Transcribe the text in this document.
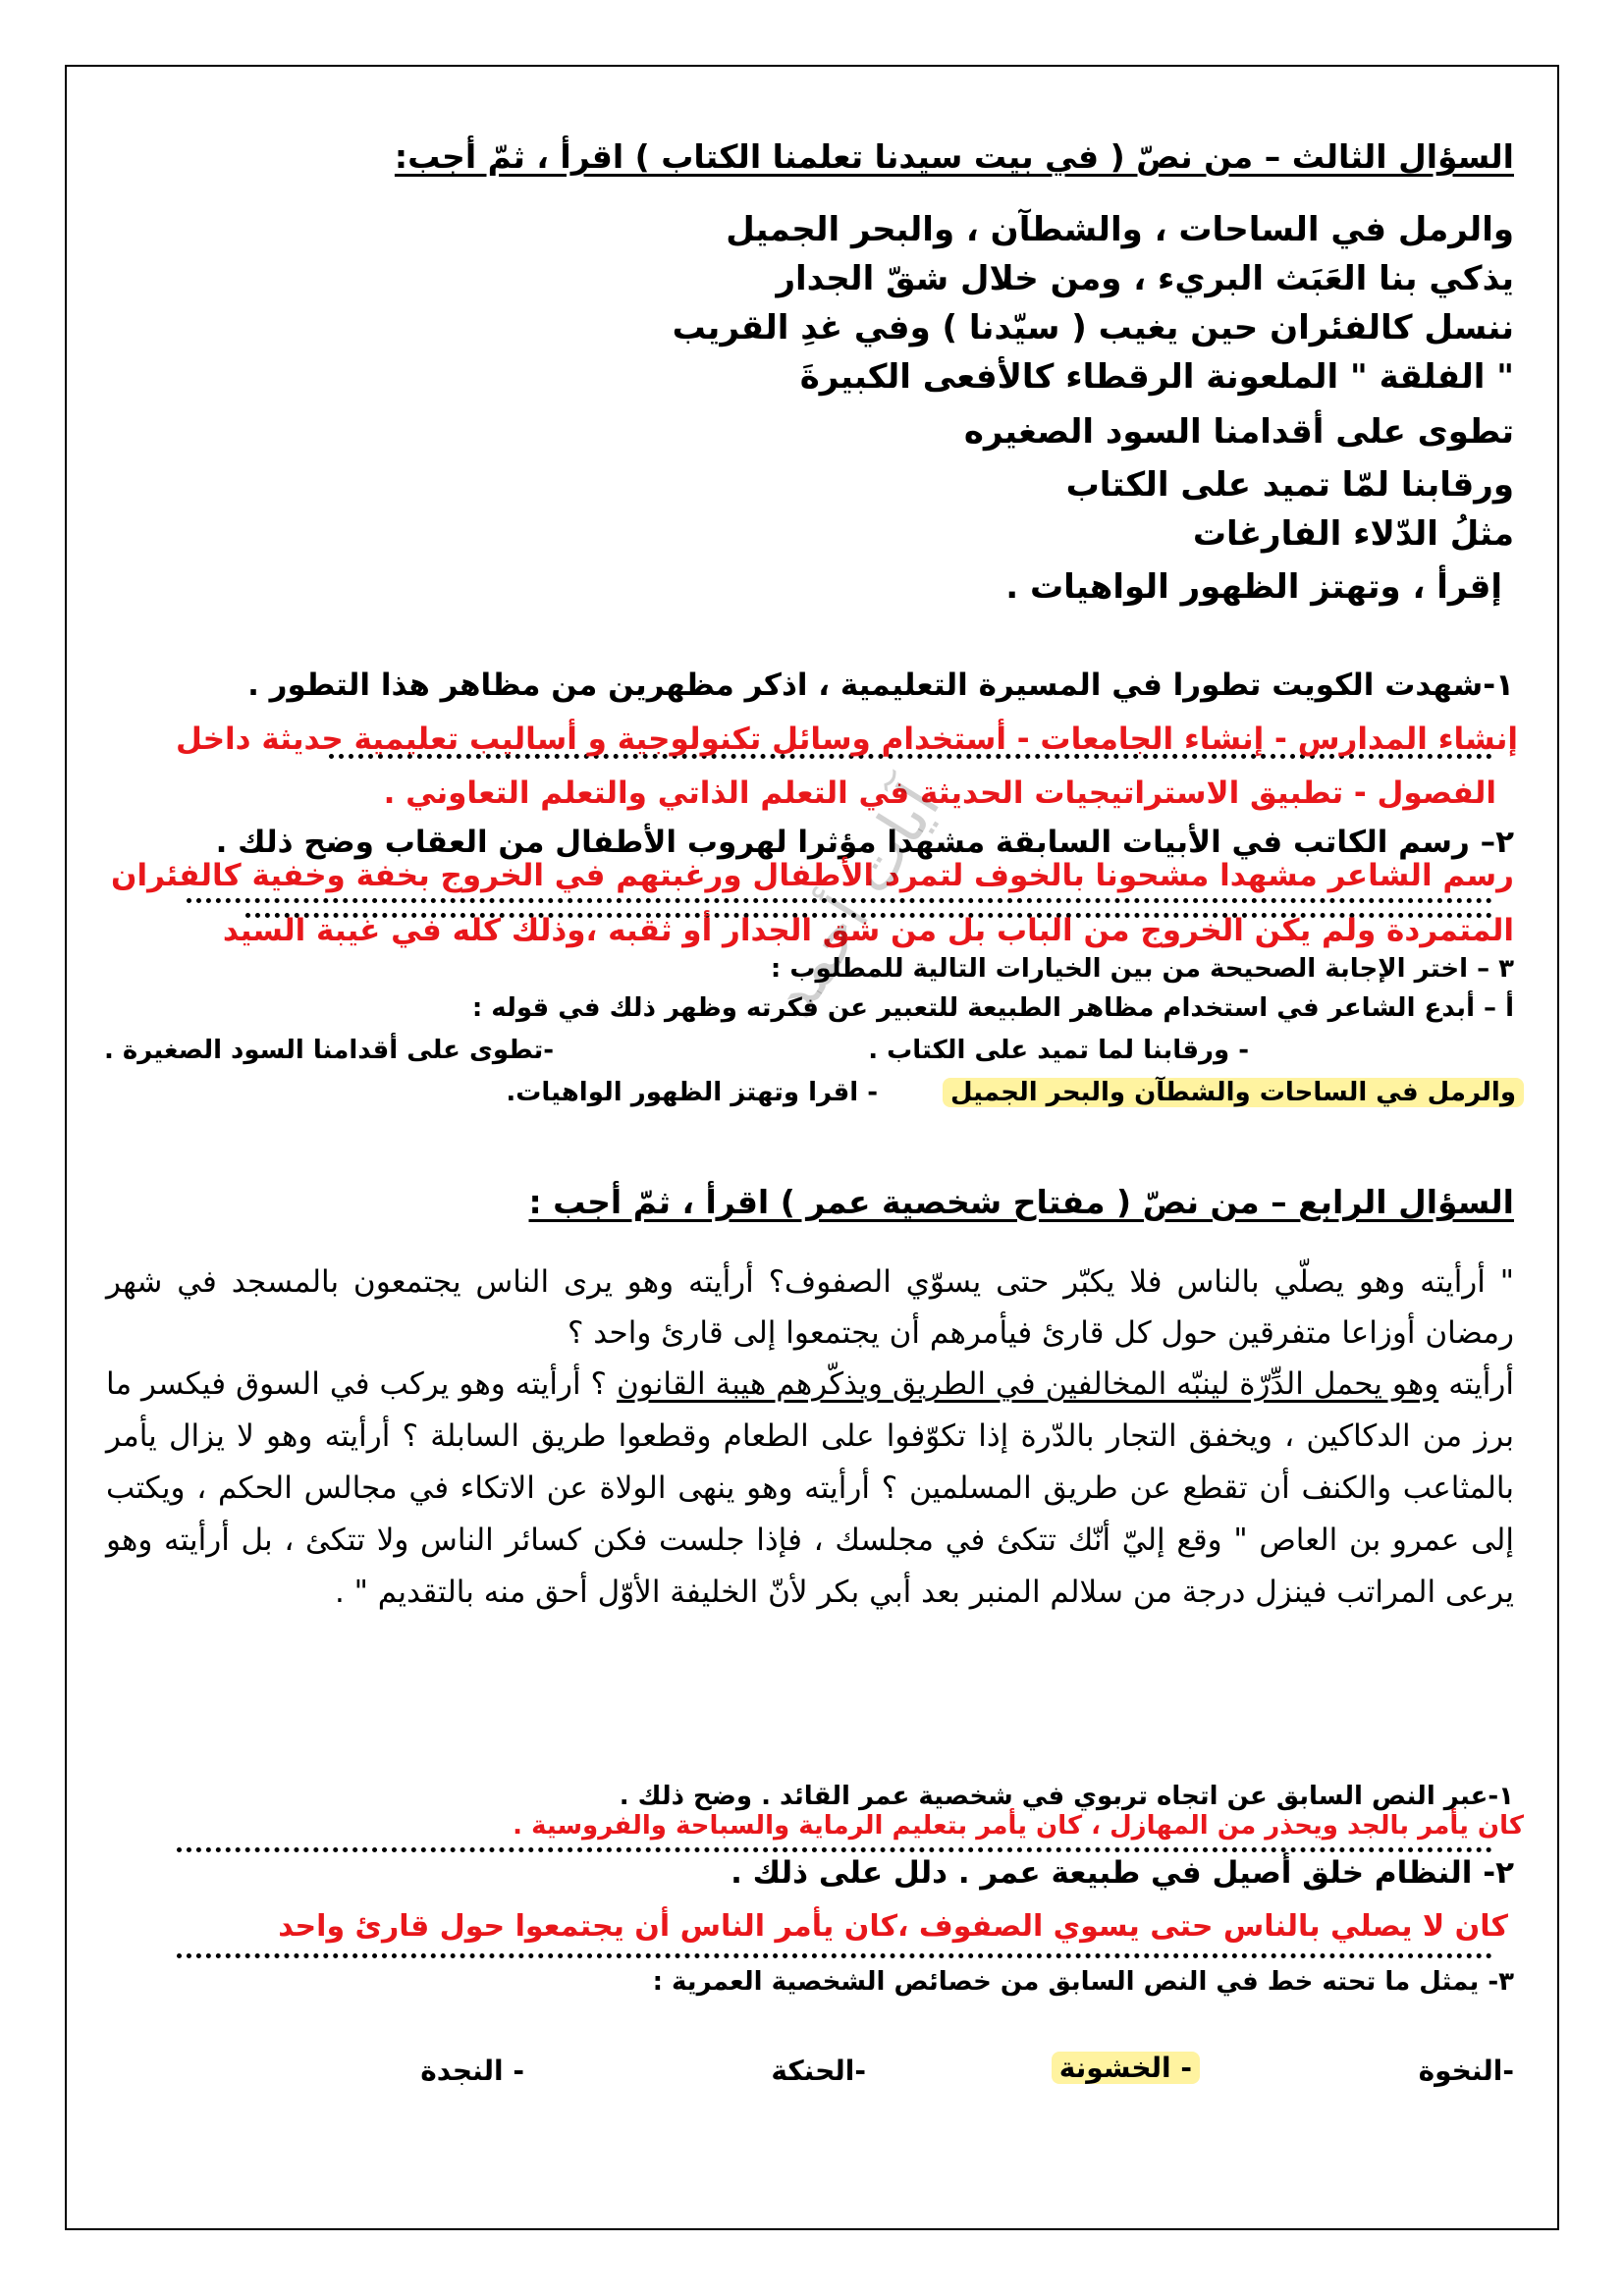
السؤال الثالث – من نصّ ( في بيت سيدنا تعلمنا الكتاب ) اقرأ ، ثمّ أجب:
والرمل في الساحات ، والشطآن ، والبحر الجميل
يذكي بنا العَبَث البريء ، ومن خلال شقّ الجدار
ننسل كالفئران حين يغيب ( سيّدنا ) وفي غدِ القريب
" الفلقة " الملعونة الرقطاء كالأفعى الكبيرةَ
تطوى على أقدامنا السود الصغيره
ورقابنا لمّا تميد على الكتاب
مثلُ الدّلاء الفارغات
إقرأ ، وتهتز الظهور الواهيات .
١-شهدت الكويت تطورا في المسيرة التعليمية ، اذكر مظهرين من مظاهر هذا التطور .
إنشاء المدارس - إنشاء الجامعات - أستخدام وسائل تكنولوجية و أساليب تعليمية حديثة داخل
الفصول - تطبيق الاستراتيجيات الحديثة في التعلم الذاتي والتعلم التعاوني .
٢– رسم الكاتب في الأبيات السابقة مشهدا مؤثرا لهروب الأطفال من العقاب وضح ذلك .
رسم الشاعر مشهدا مشحونا بالخوف لتمرد الأطفال ورغبتهم في الخروج بخفة وخفية كالفئران
المتمردة ولم يكن الخروج من الباب بل من شق الجدار أو ثقبه ،وذلك كله في غيبة السيد
٣ – اختر الإجابة الصحيحة من بين الخيارات التالية للمطلوب :
أ – أبدع الشاعر في استخدام مظاهر الطبيعة للتعبير عن فكرته وظهر ذلك في قوله :
- ورقابنا لما تميد على الكتاب .
-تطوى على أقدامنا السود الصغيرة .
والرمل في الساحات والشطآن والبحر الجميل
- اقرا وتهتز الظهور الواهيات.
آيات أحمد
السؤال الرابع – من نصّ ( مفتاح شخصية عمر ) اقرأ ، ثمّ أجب :
" أرأيته وهو يصلّي بالناس فلا يكبّر حتى يسوّي الصفوف؟ أرأيته وهو يرى الناس يجتمعون بالمسجد في شهر رمضان أوزاعا متفرقين حول كل قارئ فيأمرهم أن يجتمعوا إلى قارئ واحد ؟
أرأيته وهو يحمل الدِّرّة لينبّه المخالفين في الطريق ويذكّرهم هيبة القانون ؟ أرأيته وهو يركب في السوق فيكسر ما برز من الدكاكين ، ويخفق التجار بالدّرة إذا تكوّفوا على الطعام وقطعوا طريق السابلة ؟ أرأيته وهو لا يزال يأمر بالمثاعب والكنف أن تقطع عن طريق المسلمين ؟ أرأيته وهو ينهى الولاة عن الاتكاء في مجالس الحكم ، ويكتب إلى عمرو بن العاص " وقع إليّ أنّك تتكئ في مجلسك ، فإذا جلست فكن كسائر الناس ولا تتكئ ، بل أرأيته وهو يرعى المراتب فينزل درجة من سلالم المنبر بعد أبي بكر لأنّ الخليفة الأوّل أحق منه بالتقديم " .
١-عبر النص السابق عن اتجاه تربوي في شخصية عمر القائد . وضح ذلك .
كان يأمر بالجد ويحذر من المهازل ، كان يأمر بتعليم الرماية والسباحة والفروسية .
٢- النظام خلق أصيل في طبيعة عمر . دلل على ذلك .
كان لا يصلي بالناس حتى يسوي الصفوف ،كان يأمر الناس أن يجتمعوا حول قارئ واحد
٣- يمثل ما تحته خط في النص السابق من خصائص الشخصية العمرية :
-النخوة
- الخشونة
-الحنكة
- النجدة
